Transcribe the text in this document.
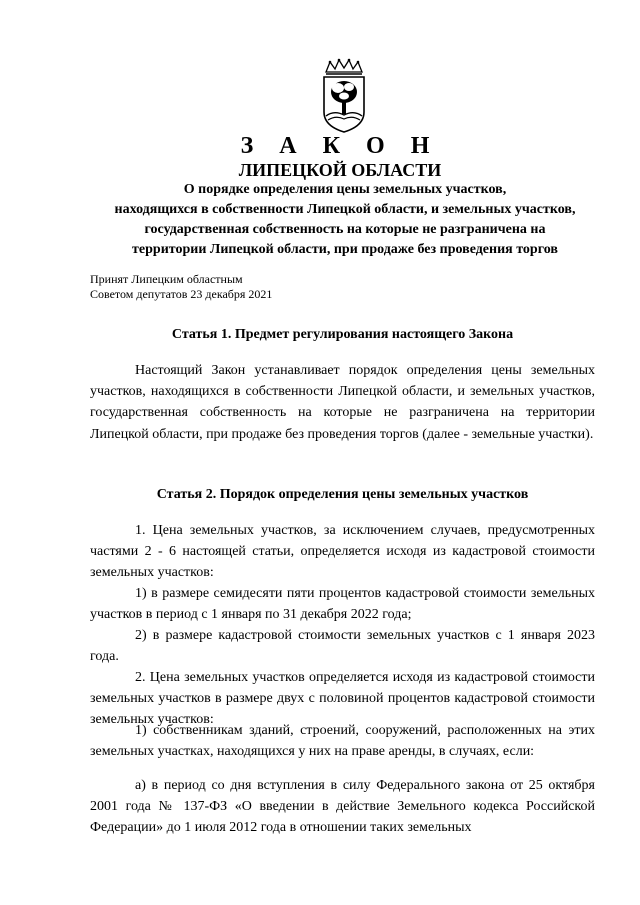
З А К О Н
ЛИПЕЦКОЙ ОБЛАСТИ
О порядке определения цены земельных участков,
находящихся в собственности Липецкой области, и земельных участков,
государственная собственность на которые не разграничена на
территории Липецкой области, при продаже без проведения торгов
Принят Липецким областным
Советом депутатов 23 декабря 2021
Статья 1. Предмет регулирования настоящего Закона

Настоящий Закон устанавливает порядок определения цены земельных участков, находящихся в собственности Липецкой области, и земельных участков, государственная собственность на которые не разграничена на территории Липецкой области, при продаже без проведения торгов (далее - земельные участки).

Статья 2. Порядок определения цены земельных участков

1. Цена земельных участков, за исключением случаев, предусмотренных частями 2 - 6 настоящей статьи, определяется исходя из кадастровой стоимости земельных участков:

1) в размере семидесяти пяти процентов кадастровой стоимости земельных участков в период с 1 января по 31 декабря 2022 года;

2) в размере кадастровой стоимости земельных участков с 1 января 2023 года.

2. Цена земельных участков определяется исходя из кадастровой стоимости земельных участков в размере двух с половиной процентов кадастровой стоимости земельных участков:

1) собственникам зданий, строений, сооружений, расположенных на этих земельных участках, находящихся у них на праве аренды, в случаях, если:

а) в период со дня вступления в силу Федерального закона от 25 октября 2001 года № 137-ФЗ «О введении в действие Земельного кодекса Российской Федерации» до 1 июля 2012 года в отношении таких земельных
